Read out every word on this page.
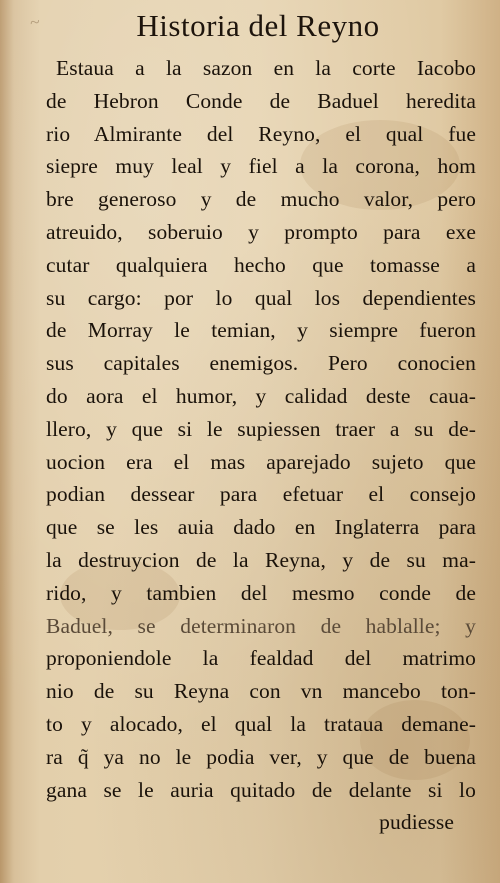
~	Historia del Reyno
Estaua a la sazon en la corte Iacobo
de Hebron Conde de Baduel heredita
rio Almirante del Reyno, el qual fue
siepre muy leal y fiel a la corona, hom
bre generoso y de mucho valor, pero
atreuido, soberuio y prompto para exe
cutar qualquiera hecho que tomasse a
su cargo: por lo qual los dependientes
de Morray le temian, y siempre fueron
sus capitales enemigos. Pero conocien
do aora el humor, y calidad deste caua-
llero, y que si le supiessen traer a su de-
uocion era el mas aparejado sujeto que
podian dessear para efetuar el consejo
que se les auia dado en Inglaterra para
la destruycion de la Reyna, y de su ma-
rido, y tambien del mesmo conde de
Baduel, se determinaron de hablalle; y
proponiendole la fealdad del matrimo
nio de su Reyna con vn mancebo ton-
to y alocado, el qual la trataua demane-
ra q̃ ya no le podia ver, y que de buena
gana se le auria quitado de delante si lo
pudiesse
